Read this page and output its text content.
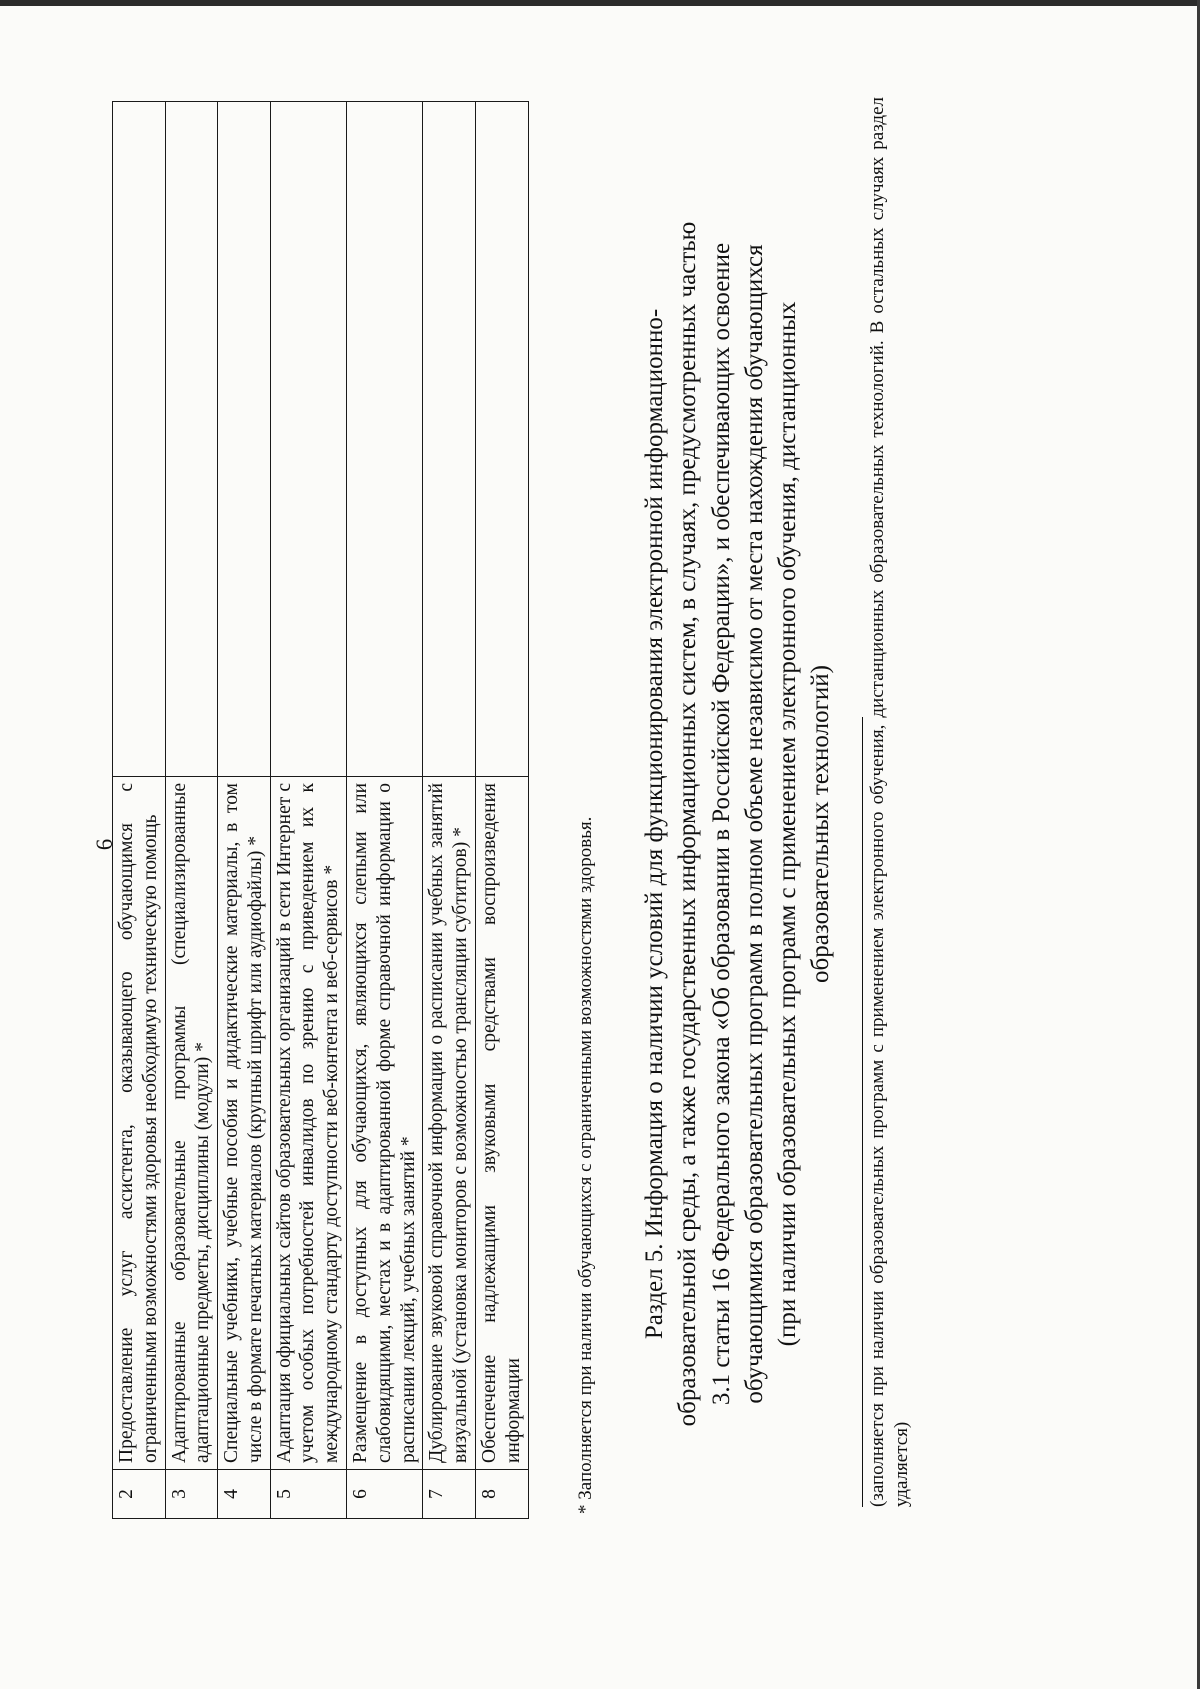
6
2	Предоставление услуг ассистента, оказывающего обучающимся с ограниченными возможностями здоровья необходимую техническую помощь	
3	Адаптированные образовательные программы (специализированные адаптационные предметы, дисциплины (модули) *	
4	Специальные учебники, учебные пособия и дидактические материалы, в том числе в формате печатных материалов (крупный шрифт или аудиофайлы) *	
5	Адаптация официальных сайтов образовательных организаций в сети Интернет с учетом особых потребностей инвалидов по зрению с приведением их к международному стандарту доступности веб-контента и веб-сервисов *	
6	Размещение в доступных для обучающихся, являющихся слепыми или слабовидящими, местах и в адаптированной форме справочной информации о расписании лекций, учебных занятий *	
7	Дублирование звуковой справочной информации о расписании учебных занятий визуальной (установка мониторов с возможностью трансляции субтитров) *	
8	Обеспечение надлежащими звуковыми средствами воспроизведения информации		* Заполняется при наличии обучающихся с ограниченными возможностями здоровья. Раздел 5. Информация о наличии условий для функционирования электронной информационно- образовательной среды, а также государственных информационных систем, в случаях, предусмотренных частью 3.1 статьи 16 Федерального закона «Об образовании в Российской Федерации», и обеспечивающих освоение обучающимися образовательных программ в полном объеме независимо от места нахождения обучающихся (при наличии образовательных программ с применением электронного обучения, дистанционных образовательных технологий) (заполняется при наличии образовательных программ с применением электронного обучения, дистанционных образовательных технологий. В остальных случаях раздел удаляется)
